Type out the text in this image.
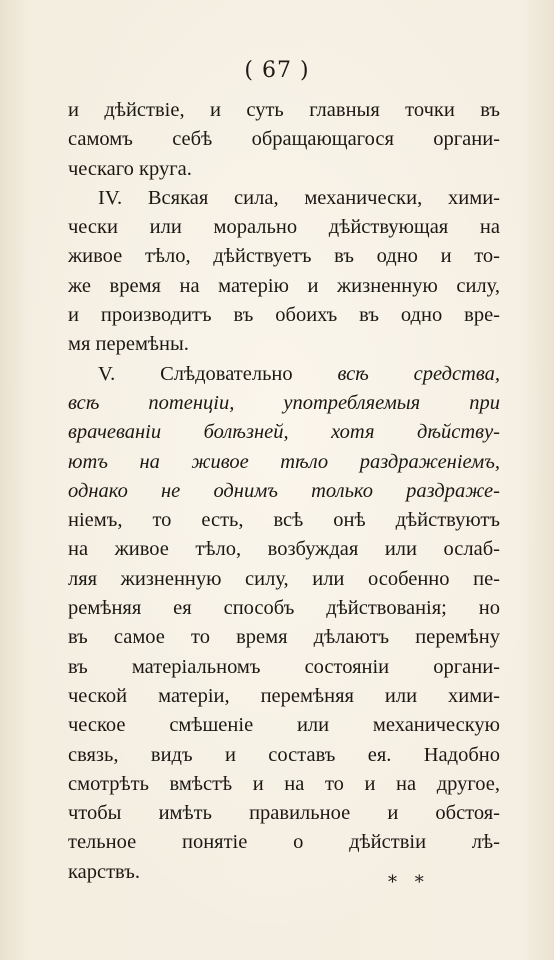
( 67 )
и дѣйствіе, и суть главныя точки въ
самомъ себѣ обращающагося органи-
ческаго круга.
IV. Всякая сила, механически, хими-
чески или морально дѣйствующая на
живое тѣло, дѣйствуетъ въ одно и то-
же время на матерію и жизненную силу,
и производитъ въ обоихъ въ одно вре-
мя перемѣны.
V. Слѣдовательно всѣ средства,
всѣ потенціи, употребляемыя при
врачеваніи болѣзней, хотя дѣйству-
ютъ на живое тѣло раздраженіемъ,
однако не однимъ только раздраже-
ніемъ, то есть, всѣ онѣ дѣйствуютъ
на живое тѣло, возбуждая или ослаб-
ляя жизненную силу, или особенно пе-
ремѣняя ея способъ дѣйствованія; но
въ самое то время дѣлаютъ перемѣну
въ матеріальномъ состояніи органи-
ческой матеріи, перемѣняя или хими-
ческое смѣшеніе или механическую
связь, видъ и составъ ея. Надобно
смотрѣть вмѣстѣ и на то и на другое,
чтобы имѣть правильное и обстоя-
тельное понятіе о дѣйствіи лѣ-
карствъ.	* *
